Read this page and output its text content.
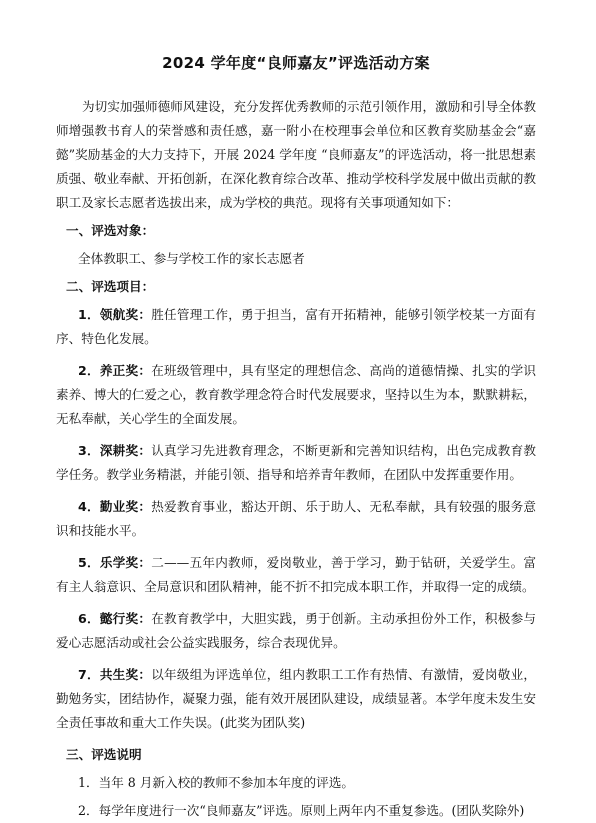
2024 学年度“良师嘉友”评选活动方案

为切实加强师德师风建设，充分发挥优秀教师的示范引领作用，激励和引导全体教师增强教书育人的荣誉感和责任感，嘉一附小在校理事会单位和区教育奖励基金会“嘉懿”奖励基金的大力支持下，开展 2024 学年度 “良师嘉友”的评选活动，将一批思想素质强、敬业奉献、开拓创新，在深化教育综合改革、推动学校科学发展中做出贡献的教职工及家长志愿者选拔出来，成为学校的典范。现将有关事项通知如下：

一、评选对象：

全体教职工、参与学校工作的家长志愿者

二、评选项目：

1．领航奖：胜任管理工作，勇于担当，富有开拓精神，能够引领学校某一方面有序、特色化发展。

2．养正奖：在班级管理中，具有坚定的理想信念、高尚的道德情操、扎实的学识素养、博大的仁爱之心，教育教学理念符合时代发展要求，坚持以生为本，默默耕耘，无私奉献，关心学生的全面发展。

3．深耕奖：认真学习先进教育理念，不断更新和完善知识结构，出色完成教育教学任务。教学业务精湛，并能引领、指导和培养青年教师，在团队中发挥重要作用。

4．勤业奖：热爱教育事业，豁达开朗、乐于助人、无私奉献，具有较强的服务意识和技能水平。

5．乐学奖：二——五年内教师，爱岗敬业，善于学习，勤于钻研，关爱学生。富有主人翁意识、全局意识和团队精神，能不折不扣完成本职工作，并取得一定的成绩。

6．懿行奖：在教育教学中，大胆实践，勇于创新。主动承担份外工作，积极参与爱心志愿活动或社会公益实践服务，综合表现优异。

7．共生奖：以年级组为评选单位，组内教职工工作有热情、有激情，爱岗敬业，勤勉务实，团结协作，凝聚力强，能有效开展团队建设，成绩显著。本学年度未发生安全责任事故和重大工作失误。(此奖为团队奖)

三、评选说明

1．当年 8 月新入校的教师不参加本年度的评选。

2．每学年度进行一次“良师嘉友”评选。原则上两年内不重复参选。(团队奖除外)
